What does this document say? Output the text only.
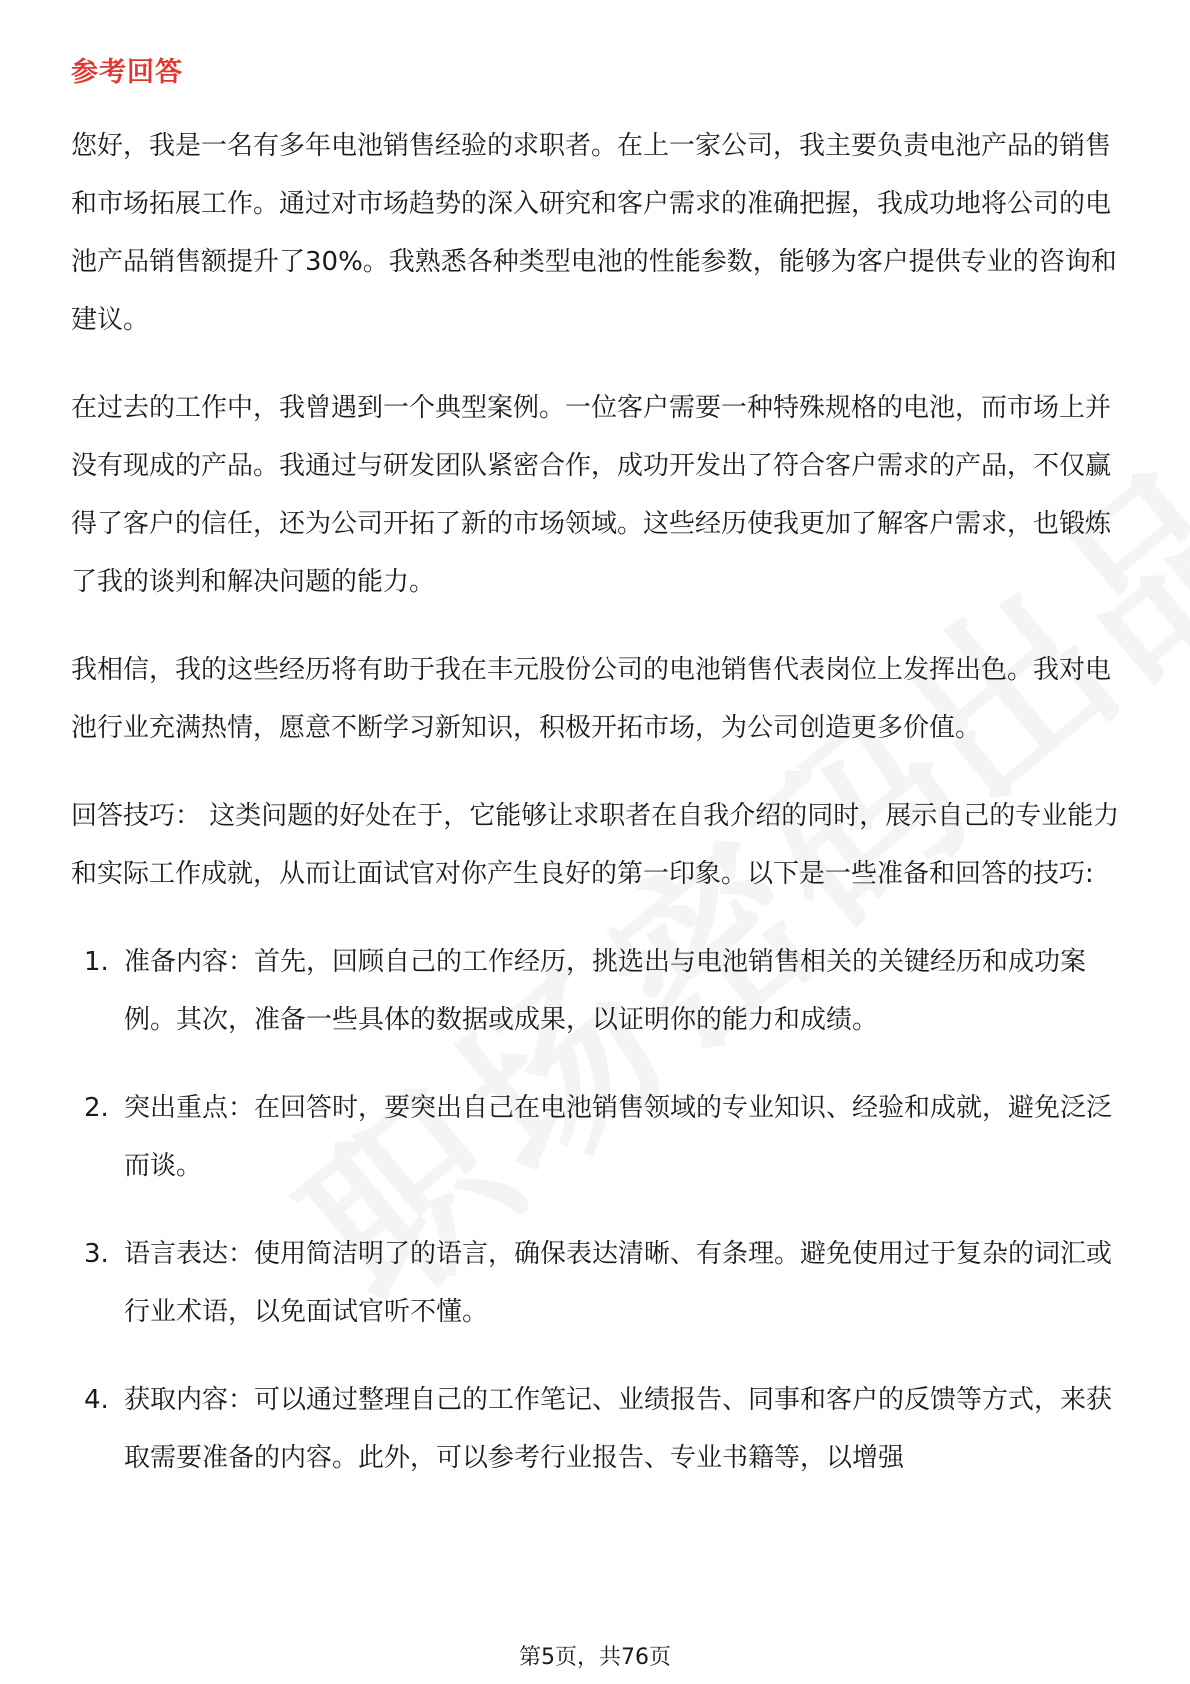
参考回答

您好，我是一名有多年电池销售经验的求职者。在上一家公司，我主要负责电池产品的销售和市场拓展工作。通过对市场趋势的深入研究和客户需求的准确把握，我成功地将公司的电池产品销售额提升了30%。我熟悉各种类型电池的性能参数，能够为客户提供专业的咨询和建议。

在过去的工作中，我曾遇到一个典型案例。一位客户需要一种特殊规格的电池，而市场上并没有现成的产品。我通过与研发团队紧密合作，成功开发出了符合客户需求的产品，不仅赢得了客户的信任，还为公司开拓了新的市场领域。这些经历使我更加了解客户需求，也锻炼了我的谈判和解决问题的能力。

我相信，我的这些经历将有助于我在丰元股份公司的电池销售代表岗位上发挥出色。我对电池行业充满热情，愿意不断学习新知识，积极开拓市场，为公司创造更多价值。

回答技巧： 这类问题的好处在于，它能够让求职者在自我介绍的同时，展示自己的专业能力和实际工作成就，从而让面试官对你产生良好的第一印象。以下是一些准备和回答的技巧:

1. 准备内容：首先，回顾自己的工作经历，挑选出与电池销售相关的关键经历和成功案例。其次，准备一些具体的数据或成果，以证明你的能力和成绩。
2. 突出重点：在回答时，要突出自己在电池销售领域的专业知识、经验和成就，避免泛泛而谈。
3. 语言表达：使用简洁明了的语言，确保表达清晰、有条理。避免使用过于复杂的词汇或行业术语，以免面试官听不懂。
4. 获取内容：可以通过整理自己的工作笔记、业绩报告、同事和客户的反馈等方式，来获取需要准备的内容。此外，可以参考行业报告、专业书籍等，以增强
第5页，共76页
